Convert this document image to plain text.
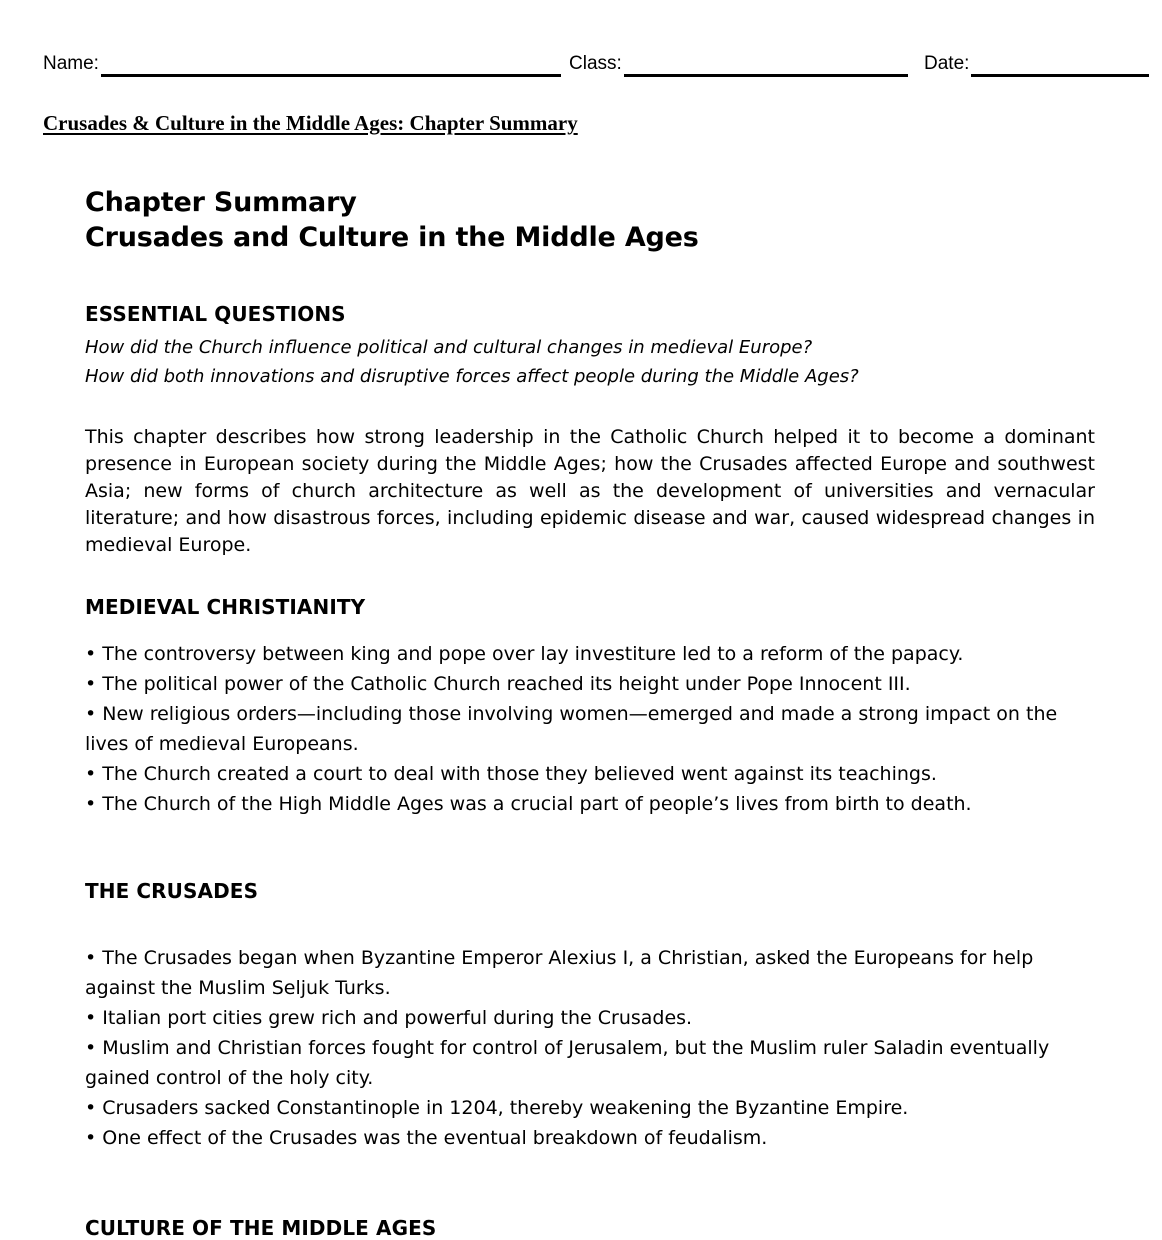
Name:	Class:	Date:
Crusades & Culture in the Middle Ages: Chapter Summary
Chapter Summary
Crusades and Culture in the Middle Ages
ESSENTIAL QUESTIONS

How did the Church influence political and cultural changes in medieval Europe?

How did both innovations and disruptive forces affect people during the Middle Ages?

This chapter describes how strong leadership in the Catholic Church helped it to become a dominant presence in European society during the Middle Ages; how the Crusades affected Europe and southwest Asia; new forms of church architecture as well as the development of universities and vernacular literature; and how disastrous forces, including epidemic disease and war, caused widespread changes in medieval Europe.

MEDIEVAL CHRISTIANITY
• The controversy between king and pope over lay investiture led to a reform of the papacy.
• The political power of the Catholic Church reached its height under Pope Innocent III.
• New religious orders—including those involving women—emerged and made a strong impact on the lives of medieval Europeans.
• The Church created a court to deal with those they believed went against its teachings.
• The Church of the High Middle Ages was a crucial part of people’s lives from birth to death.
THE CRUSADES
• The Crusades began when Byzantine Emperor Alexius I, a Christian, asked the Europeans for help against the Muslim Seljuk Turks.
• Italian port cities grew rich and powerful during the Crusades.
• Muslim and Christian forces fought for control of Jerusalem, but the Muslim ruler Saladin eventually gained control of the holy city.
• Crusaders sacked Constantinople in 1204, thereby weakening the Byzantine Empire.
• One effect of the Crusades was the eventual breakdown of feudalism.
CULTURE OF THE MIDDLE AGES
